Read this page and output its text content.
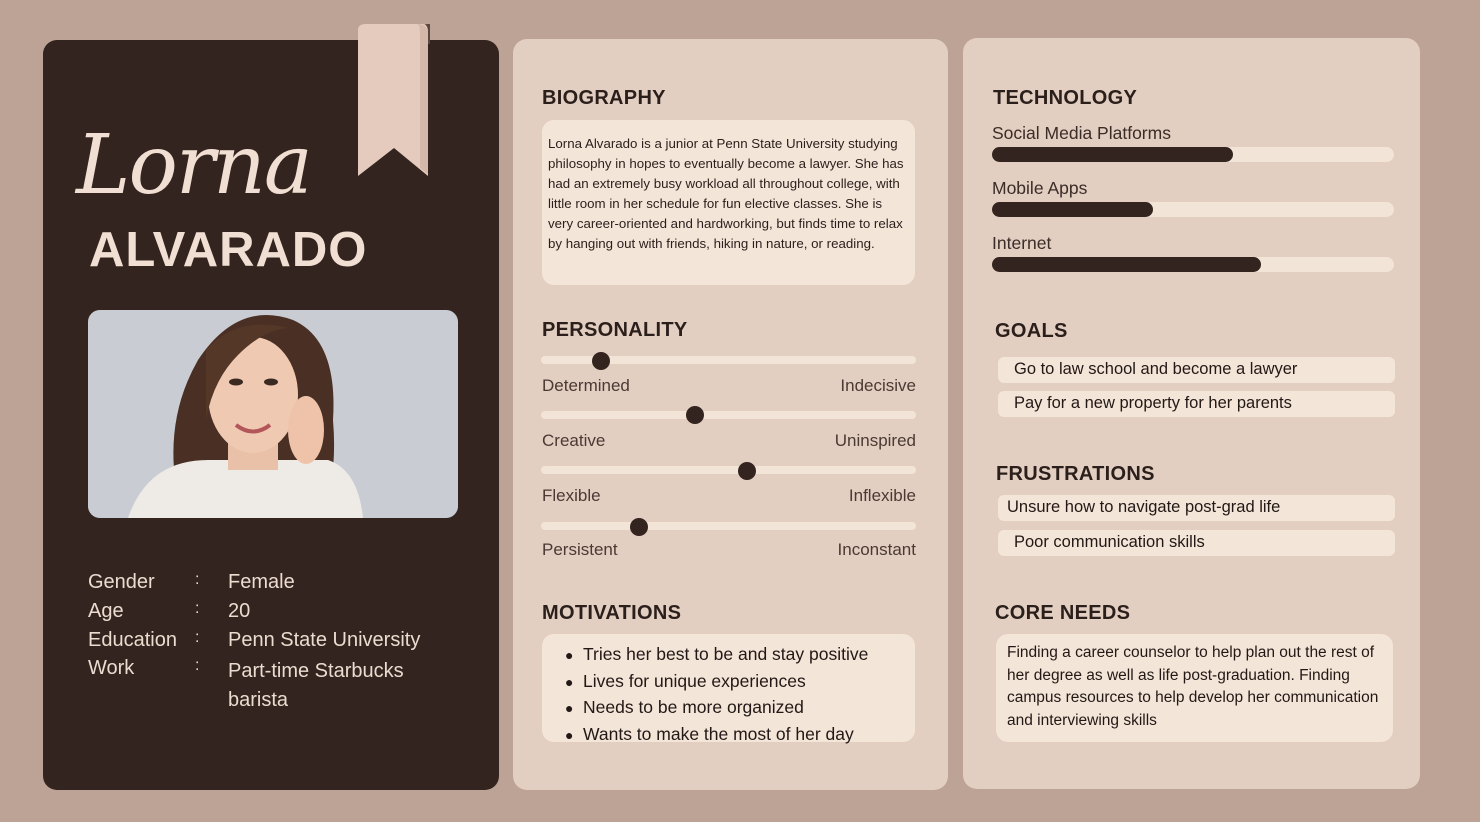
Lorna
ALVARADO
Gender	: Female
Age	: 20
Education : Penn State University
Work	: Part-time Starbucks barista
BIOGRAPHY
Lorna Alvarado is a junior at Penn State University studying philosophy in hopes to eventually become a lawyer. She has had an extremely busy workload all throughout college, with little room in her schedule for fun elective classes. She is very career-oriented and hardworking, but finds time to relax by hanging out with friends, hiking in nature, or reading.
PERSONALITY
Determined	Indecisive
Creative	Uninspired
Flexible	Inflexible
Persistent	Inconstant
MOTIVATIONS
● Tries her best to be and stay positive
● Lives for unique experiences
● Needs to be more organized
● Wants to make the most of her day
TECHNOLOGY
Social Media Platforms
Mobile Apps
Internet
GOALS
Go to law school and become a lawyer
Pay for a new property for her parents
FRUSTRATIONS
Unsure how to navigate post-grad life
Poor communication skills
CORE NEEDS
Finding a career counselor to help plan out the rest of her degree as well as life post-graduation. Finding campus resources to help develop her communication and interviewing skills
